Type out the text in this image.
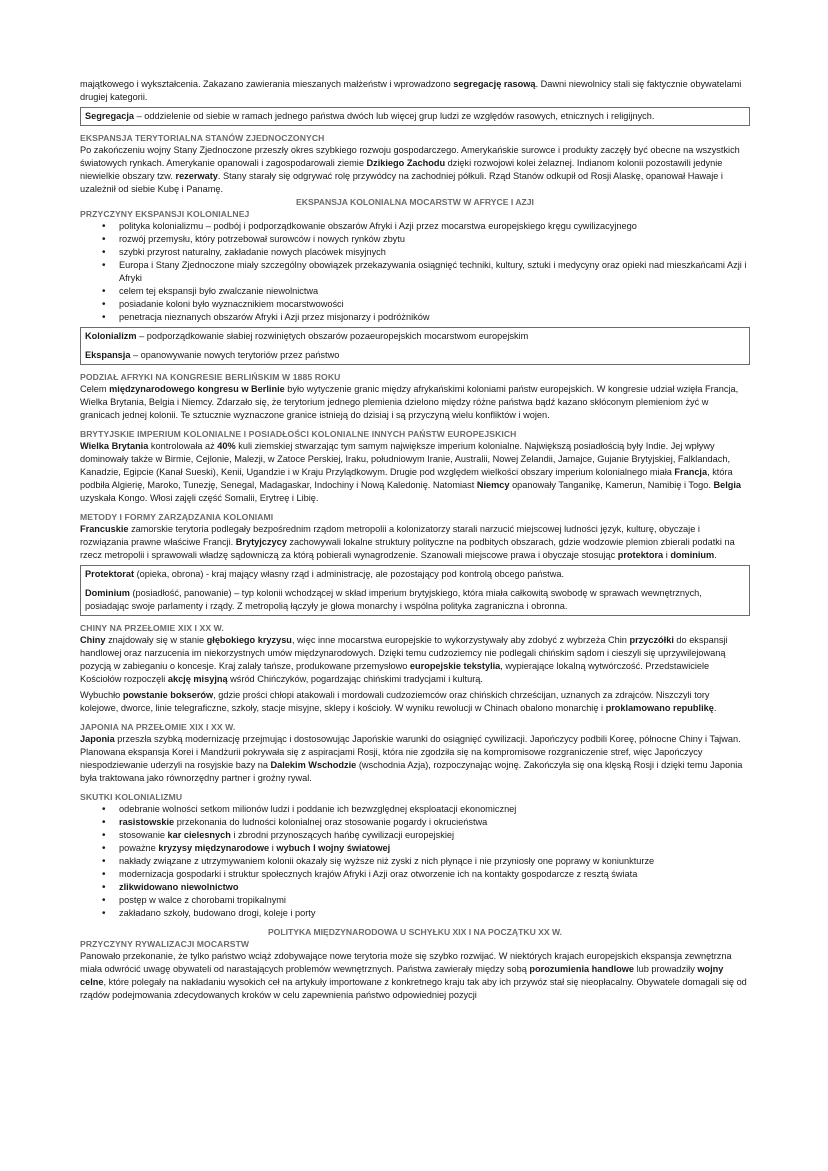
majątkowego i wykształcenia. Zakazano zawierania mieszanych małżeństw i wprowadzono segregację rasową. Dawni niewolnicy stali się faktycznie obywatelami drugiej kategorii.

Segregacja – oddzielenie od siebie w ramach jednego państwa dwóch lub więcej grup ludzi ze względów rasowych, etnicznych i religijnych.

EKSPANSJA TERYTORIALNA STANÓW ZJEDNOCZONYCH

Po zakończeniu wojny Stany Zjednoczone przeszły okres szybkiego rozwoju gospodarczego. Amerykańskie surowce i produkty zaczęły być obecne na wszystkich światowych rynkach. Amerykanie opanowali i zagospodarowali ziemie Dzikiego Zachodu dzięki rozwojowi kolei żelaznej. Indianom kolonii pozostawili jedynie niewielkie obszary tzw. rezerwaty. Stany starały się odgrywać rolę przywódcy na zachodniej półkuli. Rząd Stanów odkupił od Rosji Alaskę, opanował Hawaje i uzależnił od siebie Kubę i Panamę.

EKSPANSJA KOLONIALNA MOCARSTW W AFRYCE I AZJI
PRZYCZYNY EKSPANSJI KOLONIALNEJ
• polityka kolonializmu – podbój i podporządkowanie obszarów Afryki i Azji przez mocarstwa europejskiego kręgu cywilizacyjnego
• rozwój przemysłu, który potrzebował surowców i nowych rynków zbytu
• szybki przyrost naturalny, zakładanie nowych placówek misyjnych
• Europa i Stany Zjednoczone miały szczególny obowiązek przekazywania osiągnięć techniki, kultury, sztuki i medycyny oraz opieki nad mieszkańcami Azji i Afryki
• celem tej ekspansji było zwalczanie niewolnictwa
• posiadanie koloni było wyznacznikiem mocarstwowości
• penetracja nieznanych obszarów Afryki i Azji przez misjonarzy i podróżników

Kolonializm – podporządkowanie słabiej rozwiniętych obszarów pozaeuropejskich mocarstwom europejskim

Ekspansja – opanowywanie nowych terytoriów przez państwo

PODZIAŁ AFRYKI NA KONGRESIE BERLIŃSKIM W 1885 ROKU

Celem międzynarodowego kongresu w Berlinie było wytyczenie granic między afrykańskimi koloniami państw europejskich. W kongresie udział wzięła Francja, Wielka Brytania, Belgia i Niemcy. Zdarzało się, że terytorium jednego plemienia dzielono między różne państwa bądź kazano skłóconym plemieniom żyć w granicach jednej kolonii. Te sztucznie wyznaczone granice istnieją do dzisiaj i są przyczyną wielu konfliktów i wojen.

BRYTYJSKIE IMPERIUM KOLONIALNE I POSIADŁOŚCI KOLONIALNE INNYCH PAŃSTW EUROPEJSKICH

Wielka Brytania kontrolowała aż 40% kuli ziemskiej stwarzając tym samym największe imperium kolonialne. Największą posiadłością były Indie. Jej wpływy dominowały także w Birmie, Cejlonie, Malezji, w Zatoce Perskiej, Iraku, południowym Iranie, Australii, Nowej Zelandii, Jamajce, Gujanie Brytyjskiej, Falklandach, Kanadzie, Egipcie (Kanał Sueski), Kenii, Ugandzie i w Kraju Przylądkowym. Drugie pod względem wielkości obszary imperium kolonialnego miała Francja, która podbiła Algierię, Maroko, Tunezję, Senegal, Madagaskar, Indochiny i Nową Kaledonię. Natomiast Niemcy opanowały Tanganikę, Kamerun, Namibię i Togo. Belgia uzyskała Kongo. Włosi zajęli część Somalii, Erytreę i Libię.

METODY I FORMY ZARZĄDZANIA KOLONIAMI

Francuskie zamorskie terytoria podlegały bezpośrednim rządom metropolii a kolonizatorzy starali narzucić miejscowej ludności język, kulturę, obyczaje i rozwiązania prawne właściwe Francji. Brytyjczycy zachowywali lokalne struktury polityczne na podbitych obszarach, gdzie wodzowie plemion zbierali podatki na rzecz metropolii i sprawowali władzę sądowniczą za którą pobierali wynagrodzenie. Szanowali miejscowe prawa i obyczaje stosując protektora i dominium.

Protektorat (opieka, obrona) - kraj mający własny rząd i administrację, ale pozostający pod kontrolą obcego państwa.

Dominium (posiadłość, panowanie) – typ kolonii wchodzącej w skład imperium brytyjskiego, która miała całkowitą swobodę w sprawach wewnętrznych, posiadając swoje parlamenty i rządy. Z metropolią łączyły je głowa monarchy i wspólna polityka zagraniczna i obronna.

CHINY NA PRZEŁOMIE XIX I XX W.

Chiny znajdowały się w stanie głębokiego kryzysu, więc inne mocarstwa europejskie to wykorzystywały aby zdobyć z wybrzeża Chin przyczółki do ekspansji handlowej oraz narzucenia im niekorzystnych umów międzynarodowych. Dzięki temu cudzoziemcy nie podlegali chińskim sądom i cieszyli się uprzywilejowaną pozycją w zabieganiu o koncesje. Kraj zalały tańsze, produkowane przemysłowo europejskie tekstylia, wypierające lokalną wytwórczość. Przedstawiciele Kościołów rozpoczęli akcję misyjną wśród Chińczyków, pogardzając chińskimi tradycjami i kulturą.

Wybuchło powstanie bokserów, gdzie prości chłopi atakowali i mordowali cudzoziemców oraz chińskich chrześcijan, uznanych za zdrajców. Niszczyli tory kolejowe, dworce, linie telegraficzne, szkoły, stacje misyjne, sklepy i kościoły. W wyniku rewolucji w Chinach obalono monarchię i proklamowano republikę.

JAPONIA NA PRZEŁOMIE XIX I XX W.

Japonia przeszła szybką modernizację przejmując i dostosowując Japońskie warunki do osiągnięć cywilizacji. Japończycy podbili Koreę, północne Chiny i Tajwan. Planowana ekspansja Korei i Mandżurii pokrywała się z aspiracjami Rosji, która nie zgodziła się na kompromisowe rozgraniczenie stref, więc Japończycy niespodziewanie uderzyli na rosyjskie bazy na Dalekim Wschodzie (wschodnia Azja), rozpoczynając wojnę. Zakończyła się ona klęską Rosji i dzięki temu Japonia była traktowana jako równorzędny partner i groźny rywal.

SKUTKI KOLONIALIZMU
• odebranie wolności setkom milionów ludzi i poddanie ich bezwzględnej eksploatacji ekonomicznej
• rasistowskie przekonania do ludności kolonialnej oraz stosowanie pogardy i okrucieństwa
• stosowanie kar cielesnych i zbrodni przynoszących hańbę cywilizacji europejskiej
• poważne kryzysy międzynarodowe i wybuch I wojny światowej
• nakłady związane z utrzymywaniem kolonii okazały się wyższe niż zyski z nich płynące i nie przyniosły one poprawy w koniunkturze
• modernizacja gospodarki i struktur społecznych krajów Afryki i Azji oraz otworzenie ich na kontakty gospodarcze z resztą świata
• zlikwidowano niewolnictwo
• postęp w walce z chorobami tropikalnymi
• zakładano szkoły, budowano drogi, koleje i porty
POLITYKA MIĘDZYNARODOWA U SCHYŁKU XIX I NA POCZĄTKU XX W.
PRZYCZYNY RYWALIZACJI MOCARSTW

Panowało przekonanie, że tylko państwo wciąż zdobywające nowe terytoria może się szybko rozwijać. W niektórych krajach europejskich ekspansja zewnętrzna miała odwrócić uwagę obywateli od narastających problemów wewnętrznych. Państwa zawierały między sobą porozumienia handlowe lub prowadziły wojny celne, które polegały na nakładaniu wysokich ceł na artykuły importowane z konkretnego kraju tak aby ich przywóz stał się nieopłacalny. Obywatele domagali się od rządów podejmowania zdecydowanych kroków w celu zapewnienia państwo odpowiedniej pozycji
